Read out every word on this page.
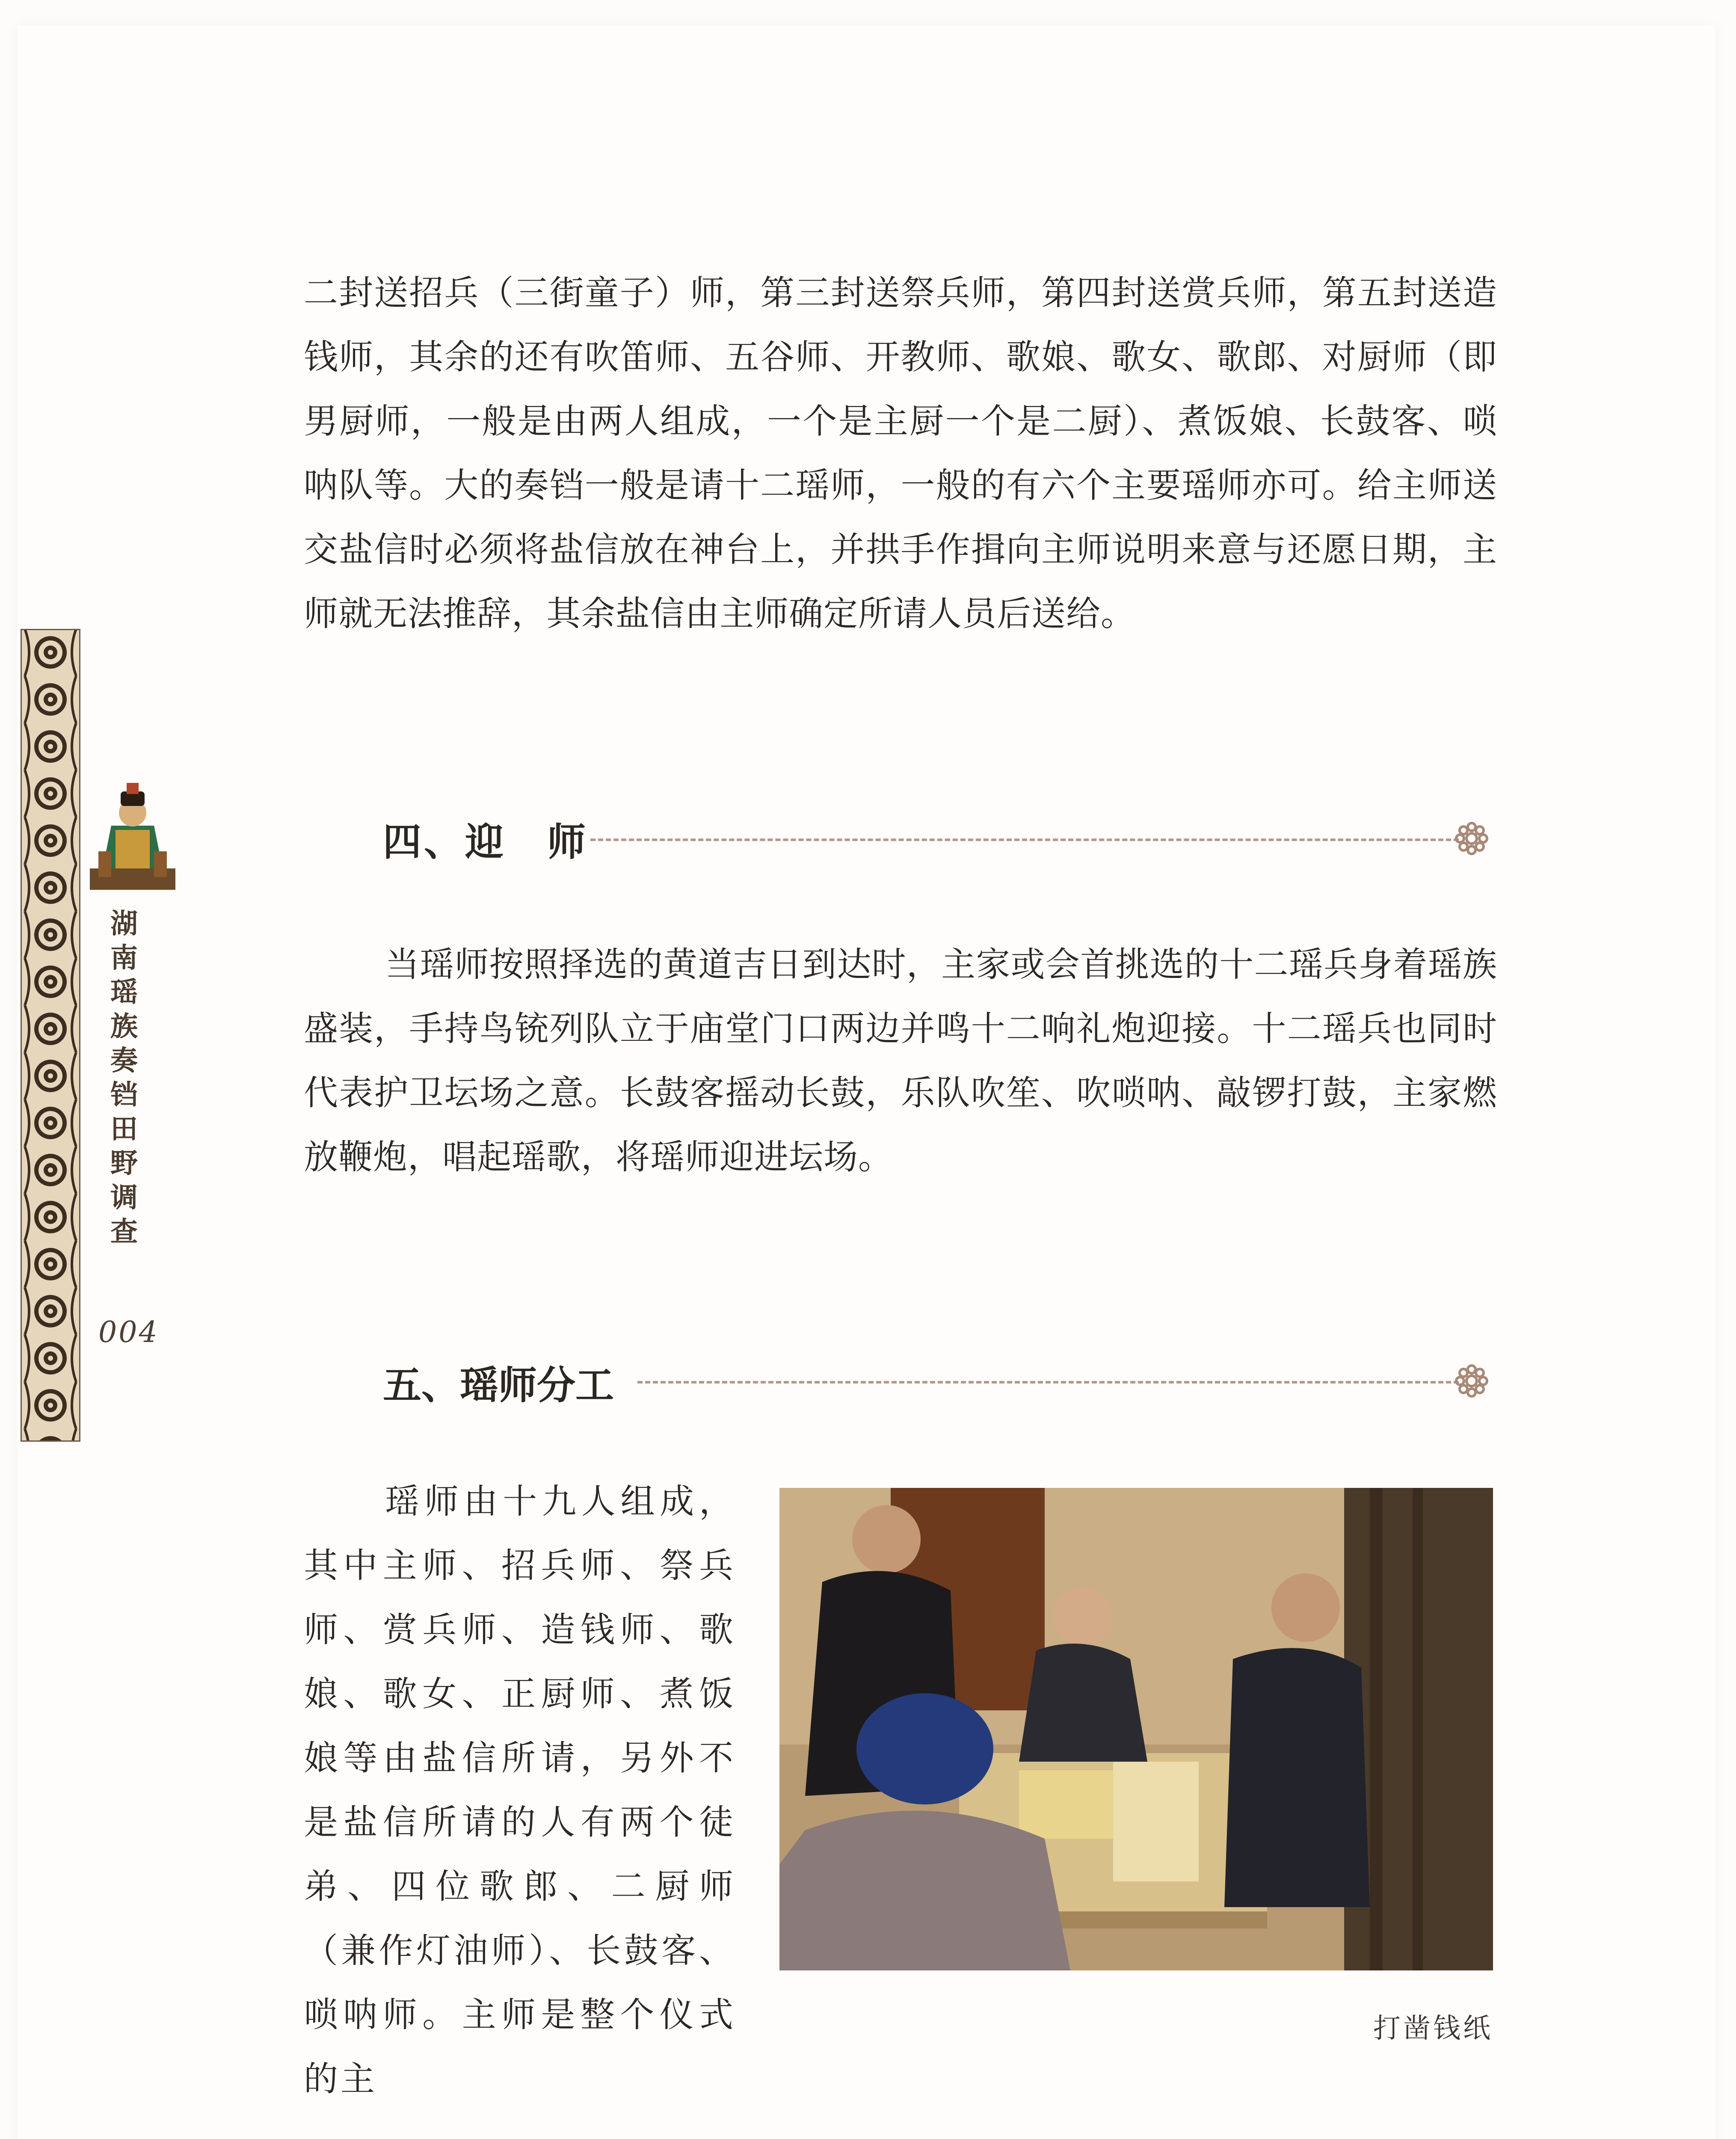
湖
南
瑶
族
奏
铛
田
野
调
查
004
二封送招兵（三街童子）师，第三封送祭兵师，第四封送赏兵师，第五封送造钱师，其余的还有吹笛师、五谷师、开教师、歌娘、歌女、歌郎、对厨师（即男厨师，一般是由两人组成，一个是主厨一个是二厨）、煮饭娘、长鼓客、唢呐队等。大的奏铛一般是请十二瑶师，一般的有六个主要瑶师亦可。给主师送交盐信时必须将盐信放在神台上，并拱手作揖向主师说明来意与还愿日期，主师就无法推辞，其余盐信由主师确定所请人员后送给。
四、迎　师
当瑶师按照择选的黄道吉日到达时，主家或会首挑选的十二瑶兵身着瑶族盛装，手持鸟铳列队立于庙堂门口两边并鸣十二响礼炮迎接。十二瑶兵也同时代表护卫坛场之意。长鼓客摇动长鼓，乐队吹笙、吹唢呐、敲锣打鼓，主家燃放鞭炮，唱起瑶歌，将瑶师迎进坛场。
五、瑶师分工
瑶师由十九人组成，其中主师、招兵师、祭兵师、赏兵师、造钱师、歌娘、歌女、正厨师、煮饭娘等由盐信所请，另外不是盐信所请的人有两个徒弟、四位歌郎、二厨师（兼作灯油师）、长鼓客、唢呐师。主师是整个仪式的主
打凿钱纸
